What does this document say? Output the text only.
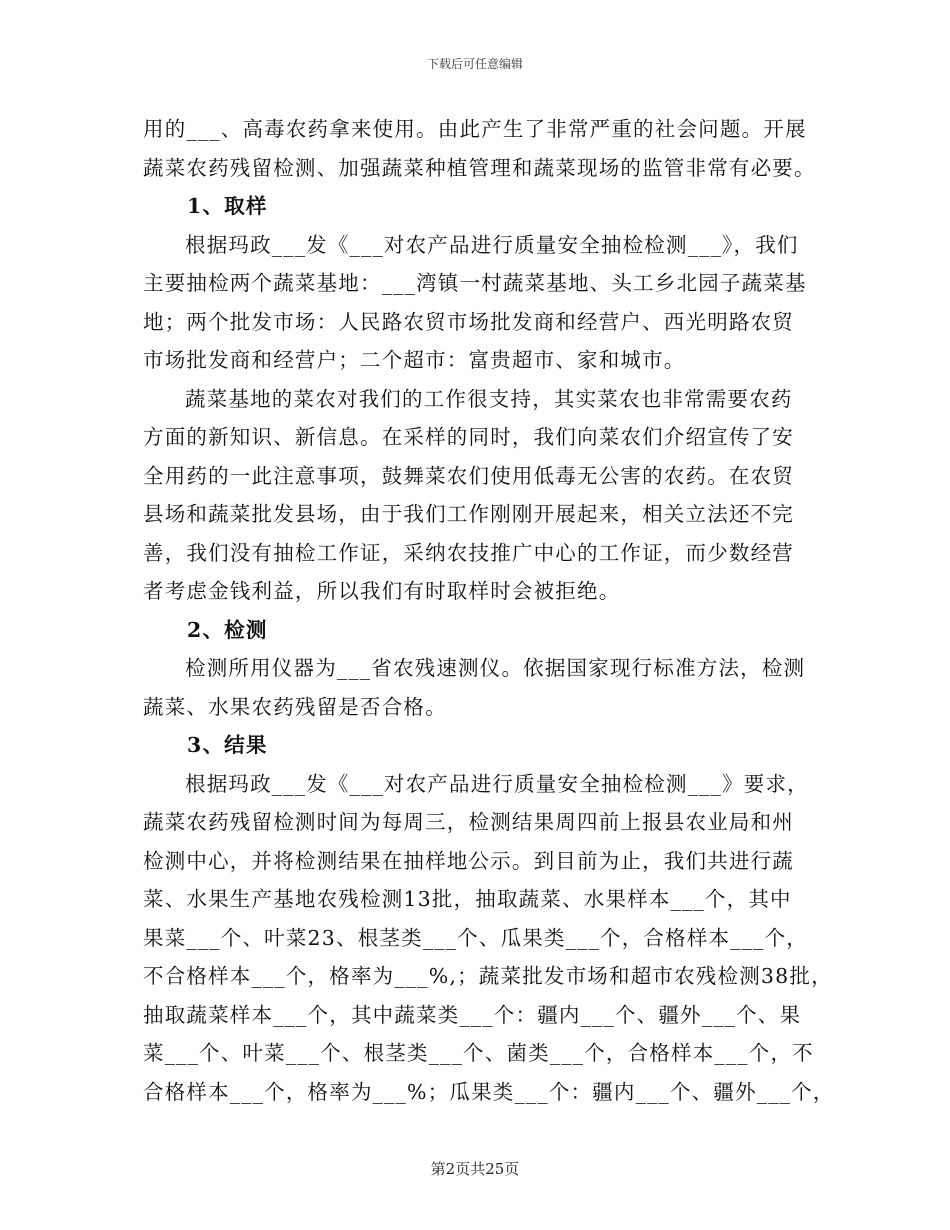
下载后可任意编辑
用的___、高毒农药拿来使用。由此产生了非常严重的社会问题。开展
蔬菜农药残留检测、加强蔬菜种植管理和蔬菜现场的监管非常有必要。
1、取样
根据玛政___发《___对农产品进行质量安全抽检检测___》，我们
主要抽检两个蔬菜基地：___湾镇一村蔬菜基地、头工乡北园子蔬菜基
地；两个批发市场：人民路农贸市场批发商和经营户、西光明路农贸
市场批发商和经营户；二个超市：富贵超市、家和城市。
蔬菜基地的菜农对我们的工作很支持，其实菜农也非常需要农药
方面的新知识、新信息。在采样的同时，我们向菜农们介绍宣传了安
全用药的一此注意事项，鼓舞菜农们使用低毒无公害的农药。在农贸
县场和蔬菜批发县场，由于我们工作刚刚开展起来，相关立法还不完
善，我们没有抽检工作证，采纳农技推广中心的工作证，而少数经营
者考虑金钱利益，所以我们有时取样时会被拒绝。
2、检测
检测所用仪器为___省农残速测仪。依据国家现行标准方法，检测
蔬菜、水果农药残留是否合格。
3、结果
根据玛政___发《___对农产品进行质量安全抽检检测___》要求，
蔬菜农药残留检测时间为每周三，检测结果周四前上报县农业局和州
检测中心，并将检测结果在抽样地公示。到目前为止，我们共进行蔬
菜、水果生产基地农残检测13批，抽取蔬菜、水果样本___个，其中
果菜___个、叶菜23、根茎类___个、瓜果类___个，合格样本___个，
不合格样本___个，格率为___%,；蔬菜批发市场和超市农残检测38批，
抽取蔬菜样本___个，其中蔬菜类___个：疆内___个、疆外___个、果
菜___个、叶菜___个、根茎类___个、菌类___个，合格样本___个，不
合格样本___个，格率为___%；瓜果类___个：疆内___个、疆外___个，
第2页共25页
